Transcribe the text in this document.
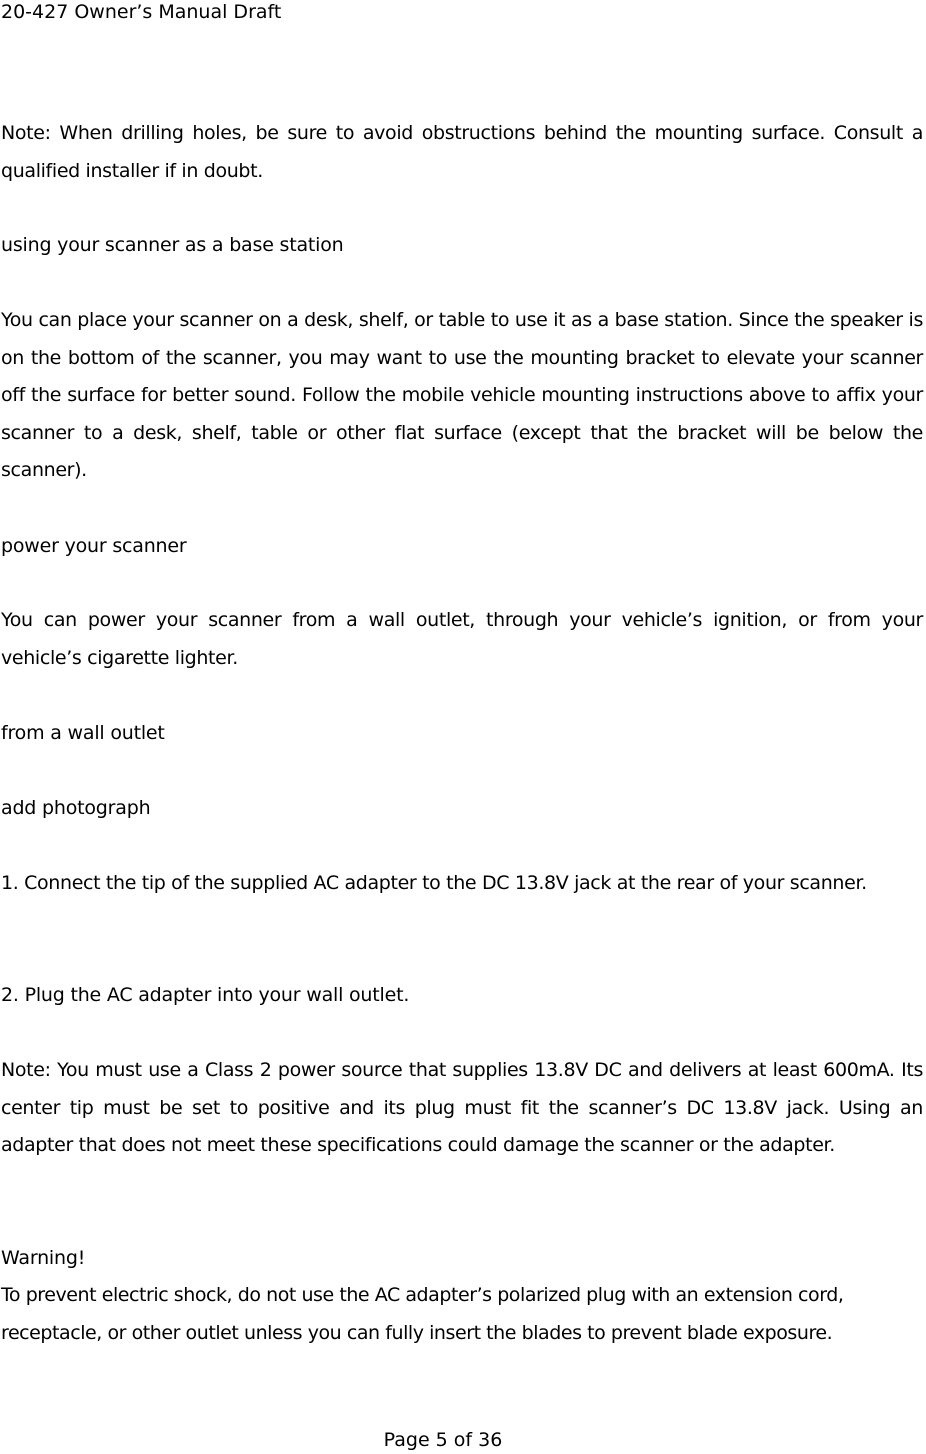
20-427 Owner’s Manual Draft
Note: When drilling holes, be sure to avoid obstructions behind the mounting surface. Consult a qualified installer if in doubt.
using your scanner as a base station
You can place your scanner on a desk, shelf, or table to use it as a base station. Since the speaker is on the bottom of the scanner, you may want to use the mounting bracket to elevate your scanner off the surface for better sound. Follow the mobile vehicle mounting instructions above to affix your scanner to a desk, shelf, table or other flat surface (except that the bracket will be below the scanner).
power your scanner
You can power your scanner from a wall outlet, through your vehicle’s ignition, or from your vehicle’s cigarette lighter.
from a wall outlet
add photograph
1. Connect the tip of the supplied AC adapter to the DC 13.8V jack at the rear of your scanner.
2. Plug the AC adapter into your wall outlet.
Note: You must use a Class 2 power source that supplies 13.8V DC and delivers at least 600mA. Its center tip must be set to positive and its plug must fit the scanner’s DC 13.8V jack. Using an adapter that does not meet these specifications could damage the scanner or the adapter.
Warning!
To prevent electric shock, do not use the AC adapter’s polarized plug with an extension cord, receptacle, or other outlet unless you can fully insert the blades to prevent blade exposure.
Page 5 of 36
